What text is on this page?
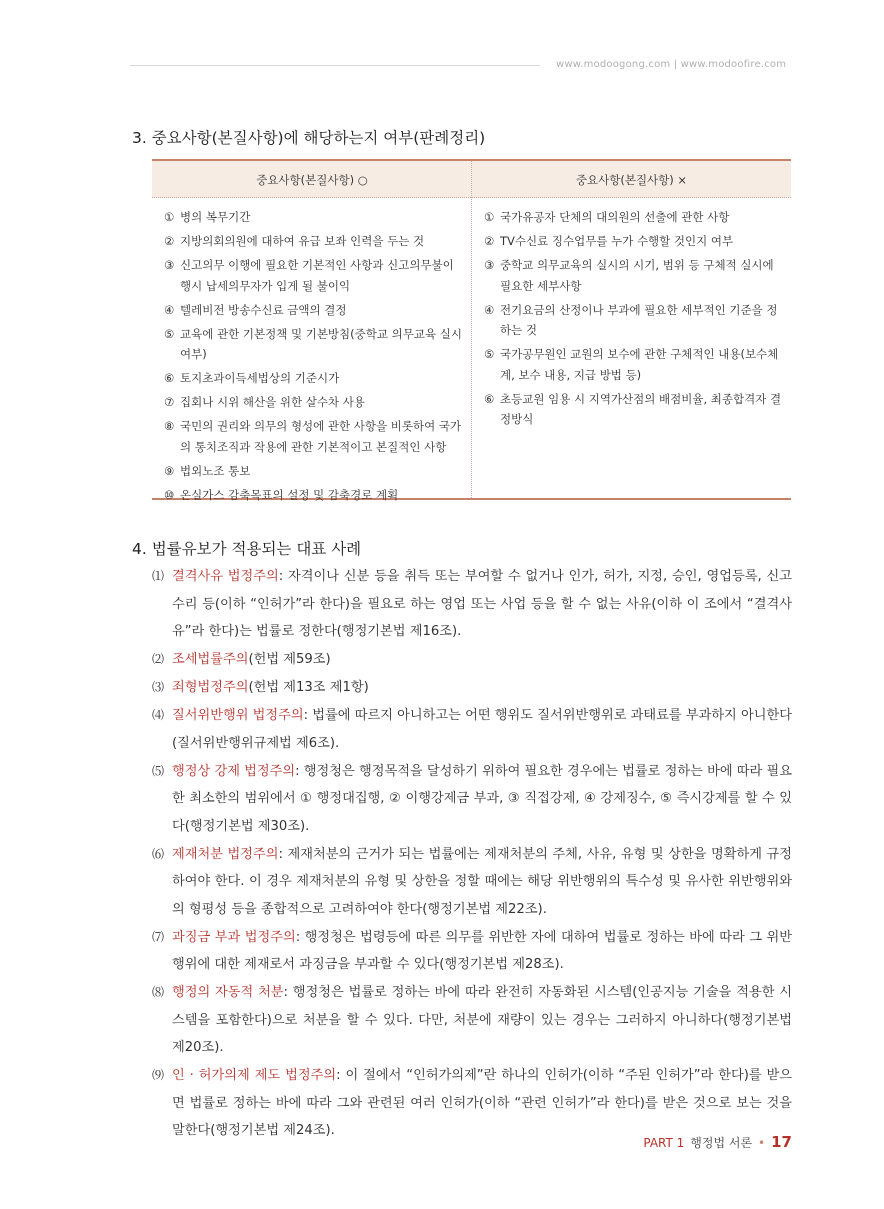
www.modoogong.com | www.modoofire.com
3. 중요사항(본질사항)에 해당하는지 여부(판례정리)
중요사항(본질사항) ○	중요사항(본질사항) ×
① 병의 복무기간
② 지방의회의원에 대하여 유급 보좌 인력을 두는 것
③ 신고의무 이행에 필요한 기본적인 사항과 신고의무불이행시 납세의무자가 입게 될 불이익
④ 텔레비전 방송수신료 금액의 결정
⑤ 교육에 관한 기본정책 및 기본방침(중학교 의무교육 실시여부)
⑥ 토지초과이득세법상의 기준시가
⑦ 집회나 시위 해산을 위한 살수차 사용
⑧ 국민의 권리와 의무의 형성에 관한 사항을 비롯하여 국가의 통치조직과 작용에 관한 기본적이고 본질적인 사항
⑨ 법외노조 통보
⑩ 온실가스 감축목표의 설정 및 감축경로 계획
① 국가유공자 단체의 대의원의 선출에 관한 사항
② TV수신료 징수업무를 누가 수행할 것인지 여부
③ 중학교 의무교육의 실시의 시기, 범위 등 구체적 실시에 필요한 세부사항
④ 전기요금의 산정이나 부과에 필요한 세부적인 기준을 정하는 것
⑤ 국가공무원인 교원의 보수에 관한 구체적인 내용(보수체계, 보수 내용, 지급 방법 등)
⑥ 초등교원 임용 시 지역가산점의 배점비율, 최종합격자 결정방식
4. 법률유보가 적용되는 대표 사례
⑴ 결격사유 법정주의: 자격이나 신분 등을 취득 또는 부여할 수 없거나 인가, 허가, 지정, 승인, 영업등록, 신고 수리 등(이하 “인허가”라 한다)을 필요로 하는 영업 또는 사업 등을 할 수 없는 사유(이하 이 조에서 “결격사유”라 한다)는 법률로 정한다(행정기본법 제16조).
⑵ 조세법률주의(헌법 제59조)
⑶ 죄형법정주의(헌법 제13조 제1항)
⑷ 질서위반행위 법정주의: 법률에 따르지 아니하고는 어떤 행위도 질서위반행위로 과태료를 부과하지 아니한다(질서위반행위규제법 제6조).
⑸ 행정상 강제 법정주의: 행정청은 행정목적을 달성하기 위하여 필요한 경우에는 법률로 정하는 바에 따라 필요한 최소한의 범위에서 ① 행정대집행, ② 이행강제금 부과, ③ 직접강제, ④ 강제징수, ⑤ 즉시강제를 할 수 있다(행정기본법 제30조).
⑹ 제재처분 법정주의: 제재처분의 근거가 되는 법률에는 제재처분의 주체, 사유, 유형 및 상한을 명확하게 규정하여야 한다. 이 경우 제재처분의 유형 및 상한을 정할 때에는 해당 위반행위의 특수성 및 유사한 위반행위와의 형평성 등을 종합적으로 고려하여야 한다(행정기본법 제22조).
⑺ 과징금 부과 법정주의: 행정청은 법령등에 따른 의무를 위반한 자에 대하여 법률로 정하는 바에 따라 그 위반행위에 대한 제재로서 과징금을 부과할 수 있다(행정기본법 제28조).
⑻ 행정의 자동적 처분: 행정청은 법률로 정하는 바에 따라 완전히 자동화된 시스템(인공지능 기술을 적용한 시스템을 포함한다)으로 처분을 할 수 있다. 다만, 처분에 재량이 있는 경우는 그러하지 아니하다(행정기본법 제20조).
⑼ 인 · 허가의제 제도 법정주의: 이 절에서 “인허가의제”란 하나의 인허가(이하 “주된 인허가”라 한다)를 받으면 법률로 정하는 바에 따라 그와 관련된 여러 인허가(이하 “관련 인허가”라 한다)를 받은 것으로 보는 것을 말한다(행정기본법 제24조).
PART 1 행정법 서론 • 17
